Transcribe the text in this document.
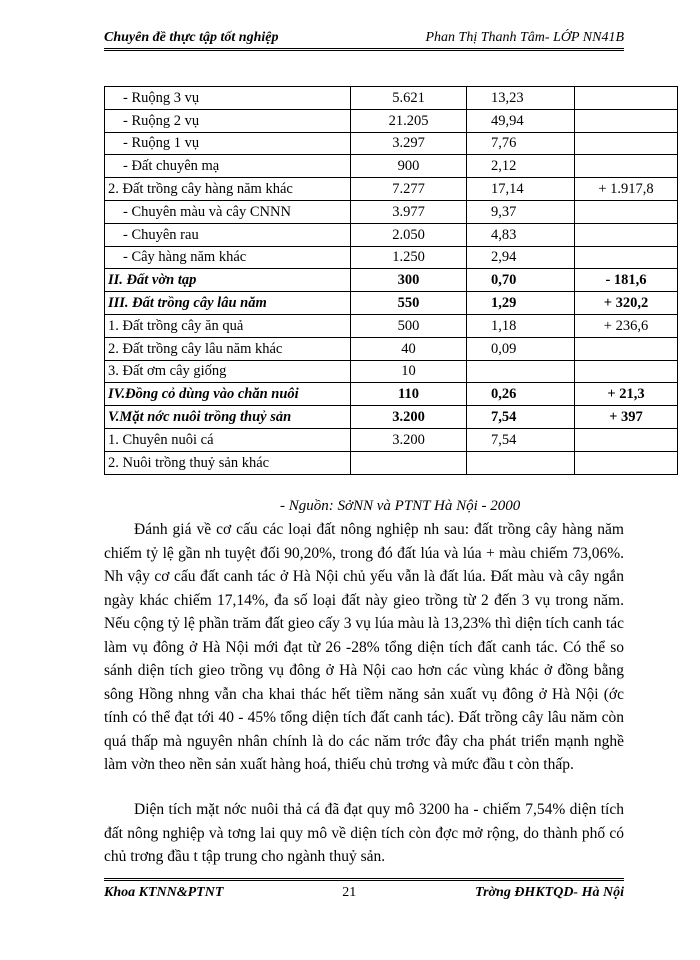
Chuyên đề thực tập tốt nghiệp	Phan Thị Thanh Tâm- LỚP NN41B
- Ruộng 3 vụ	5.621	13,23	
- Ruộng 2 vụ	21.205	49,94	
- Ruộng 1 vụ	3.297	7,76	
- Đất chuyên mạ	900	2,12	
2. Đất trồng cây hàng năm khác	7.277	17,14	+ 1.917,8
- Chuyên màu và cây CNNN	3.977	9,37	
- Chuyên rau	2.050	4,83	
- Cây hàng năm khác	1.250	2,94	
II. Đất vờn tạp	300	0,70	- 181,6
III. Đất trồng cây lâu năm	550	1,29	+ 320,2
1. Đất trồng cây ăn quả	500	1,18	+ 236,6
2. Đất trồng cây lâu năm khác	40	0,09	
3. Đất ơm cây giống	10		
IV.Đồng cỏ dùng vào chăn nuôi	110	0,26	+ 21,3
V.Mặt nớc nuôi trồng thuỷ sản	3.200	7,54	+ 397
1. Chuyên nuôi cá	3.200	7,54	
2. Nuôi trồng thuỷ sản khác			
- Nguồn: SởNN và PTNT Hà Nội - 2000

Đánh giá về cơ cấu các loại đất nông nghiệp nh sau: đất trồng cây hàng năm chiếm tỷ lệ gần nh tuyệt đối 90,20%, trong đó đất lúa và lúa + màu chiếm 73,06%. Nh vậy cơ cấu đất canh tác ở Hà Nội chủ yếu vẫn là đất lúa. Đất màu và cây ngắn ngày khác chiếm 17,14%, đa số loại đất này gieo trồng từ 2 đến 3 vụ trong năm. Nếu cộng tỷ lệ phần trăm đất gieo cấy 3 vụ lúa màu là 13,23% thì diện tích canh tác làm vụ đông ở Hà Nội mới đạt từ 26 -28% tổng diện tích đất canh tác. Có thể so sánh diện tích gieo trồng vụ đông ở Hà Nội cao hơn các vùng khác ở đồng bằng sông Hồng nhng vẫn cha khai thác hết tiềm năng sản xuất vụ đông ở Hà Nội (ớc tính có thể đạt tới 40 - 45% tổng diện tích đất canh tác). Đất trồng cây lâu năm còn quá thấp mà nguyên nhân chính là do các năm trớc đây cha phát triển mạnh nghề làm vờn theo nền sản xuất hàng hoá, thiếu chủ trơng và mức đầu t còn thấp.

Diện tích mặt nớc nuôi thả cá đã đạt quy mô 3200 ha - chiếm 7,54% diện tích đất nông nghiệp và tơng lai quy mô về diện tích còn đợc mở rộng, do thành phố có chủ trơng đầu t tập trung cho ngành thuỷ sản.

Khoa KTNN&PTNT	21	Trờng ĐHKTQD- Hà Nội
